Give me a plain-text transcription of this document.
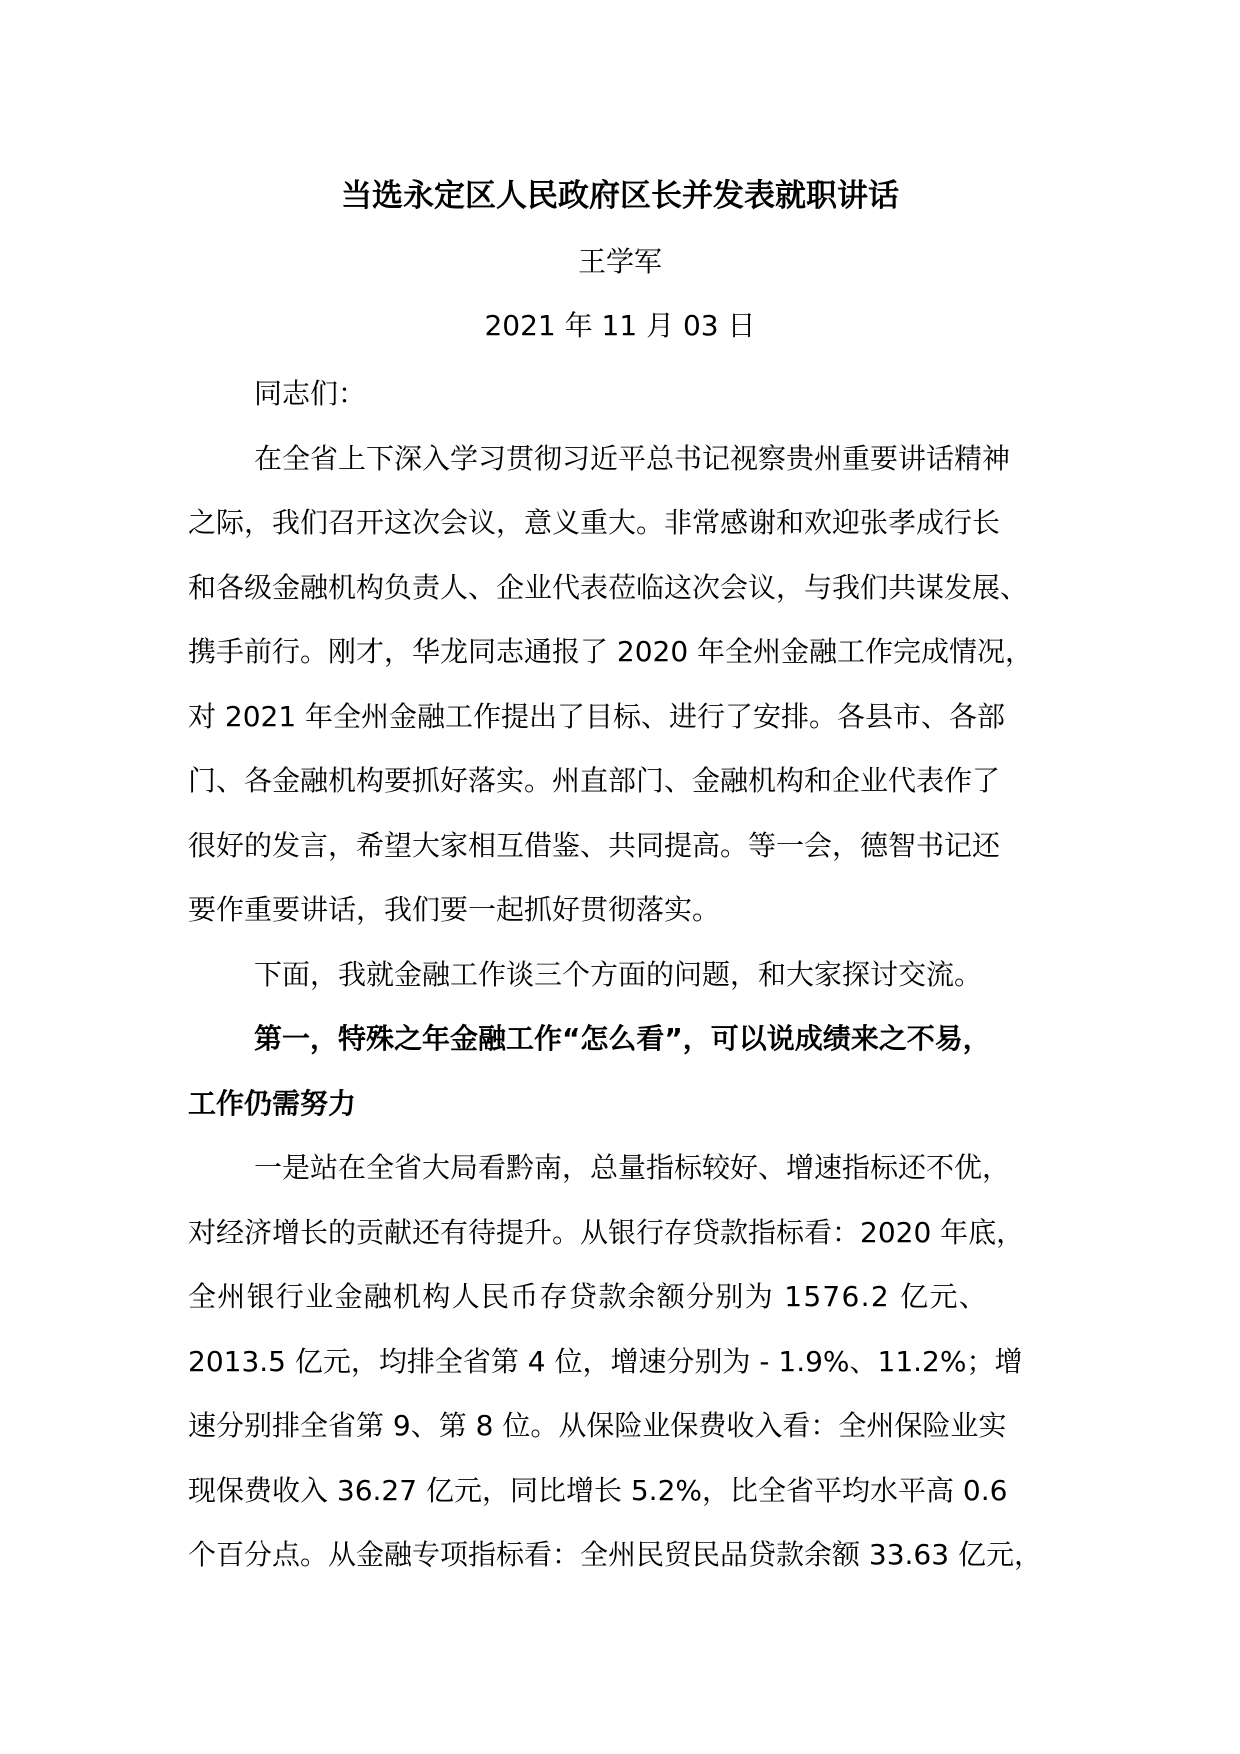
当选永定区人民政府区长并发表就职讲话
王学军
2021 年 11 月 03 日
同志们：
在全省上下深入学习贯彻习近平总书记视察贵州重要讲话精神
之际，我们召开这次会议，意义重大。非常感谢和欢迎张孝成行长
和各级金融机构负责人、企业代表莅临这次会议，与我们共谋发展、
携手前行。刚才，华龙同志通报了 2020 年全州金融工作完成情况，
对 2021 年全州金融工作提出了目标、进行了安排。各县市、各部
门、各金融机构要抓好落实。州直部门、金融机构和企业代表作了
很好的发言，希望大家相互借鉴、共同提高。等一会，德智书记还
要作重要讲话，我们要一起抓好贯彻落实。
下面，我就金融工作谈三个方面的问题，和大家探讨交流。
第一，特殊之年金融工作“怎么看”，可以说成绩来之不易，
工作仍需努力
一是站在全省大局看黔南，总量指标较好、增速指标还不优，
对经济增长的贡献还有待提升。从银行存贷款指标看：2020 年底，
全州银行业金融机构人民币存贷款余额分别为 1576.2 亿元、
2013.5 亿元，均排全省第 4 位，增速分别为 - 1.9%、11.2%；增
速分别排全省第 9、第 8 位。从保险业保费收入看：全州保险业实
现保费收入 36.27 亿元，同比增长 5.2%，比全省平均水平高 0.6
个百分点。从金融专项指标看：全州民贸民品贷款余额 33.63 亿元，
